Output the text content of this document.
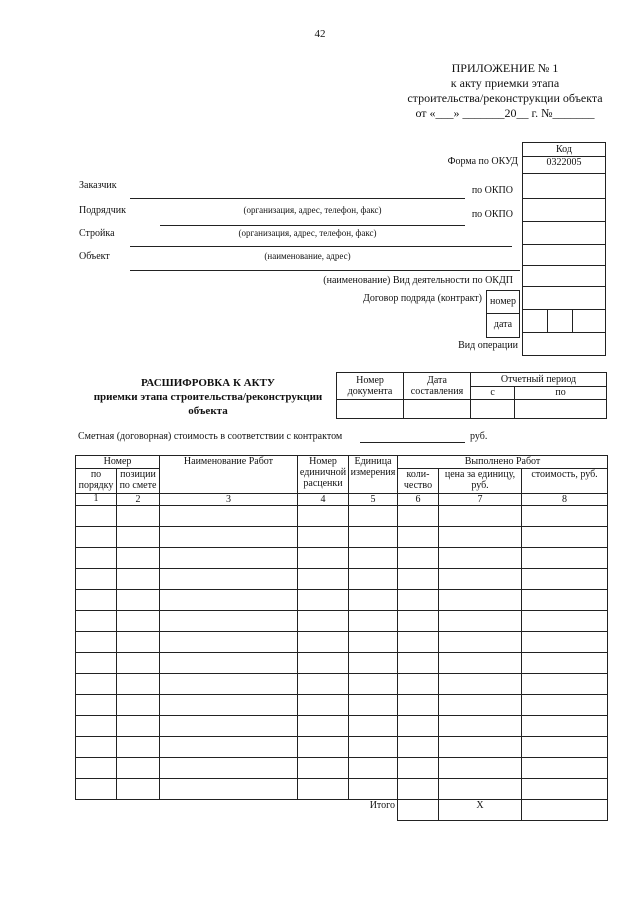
42
ПРИЛОЖЕНИЕ № 1
к акту приемки этапа
строительства/реконструкции объекта
от «___» _______20__ г. №_______
Код
0322005

Форма по ОКУД
по ОКПО
по ОКПО
(наименование) Вид деятельности по ОКДП
Договор подряда (контракт) номер
дата
Вид операции
Заказчик
Подрядчик	(организация, адрес, телефон, факс)
Стройка	(организация, адрес, телефон, факс)
Объект	(наименование, адрес)
РАСШИФРОВКА К АКТУ
приемки этапа строительства/реконструкции
объекта
Номер документа	Дата составления	Отчетный период	
		с	по

Сметная (договорная) стоимость в соответствии с контрактом	руб.
Номер		Наименование Работ	Номер единичной расценки	Единица измерения	Выполнено Работ		
по порядку	позиции по смете				коли-чество	цена за единицу, руб.	стоимость, руб.
1	2	3	4	5	6	7	8

Итого						X	
